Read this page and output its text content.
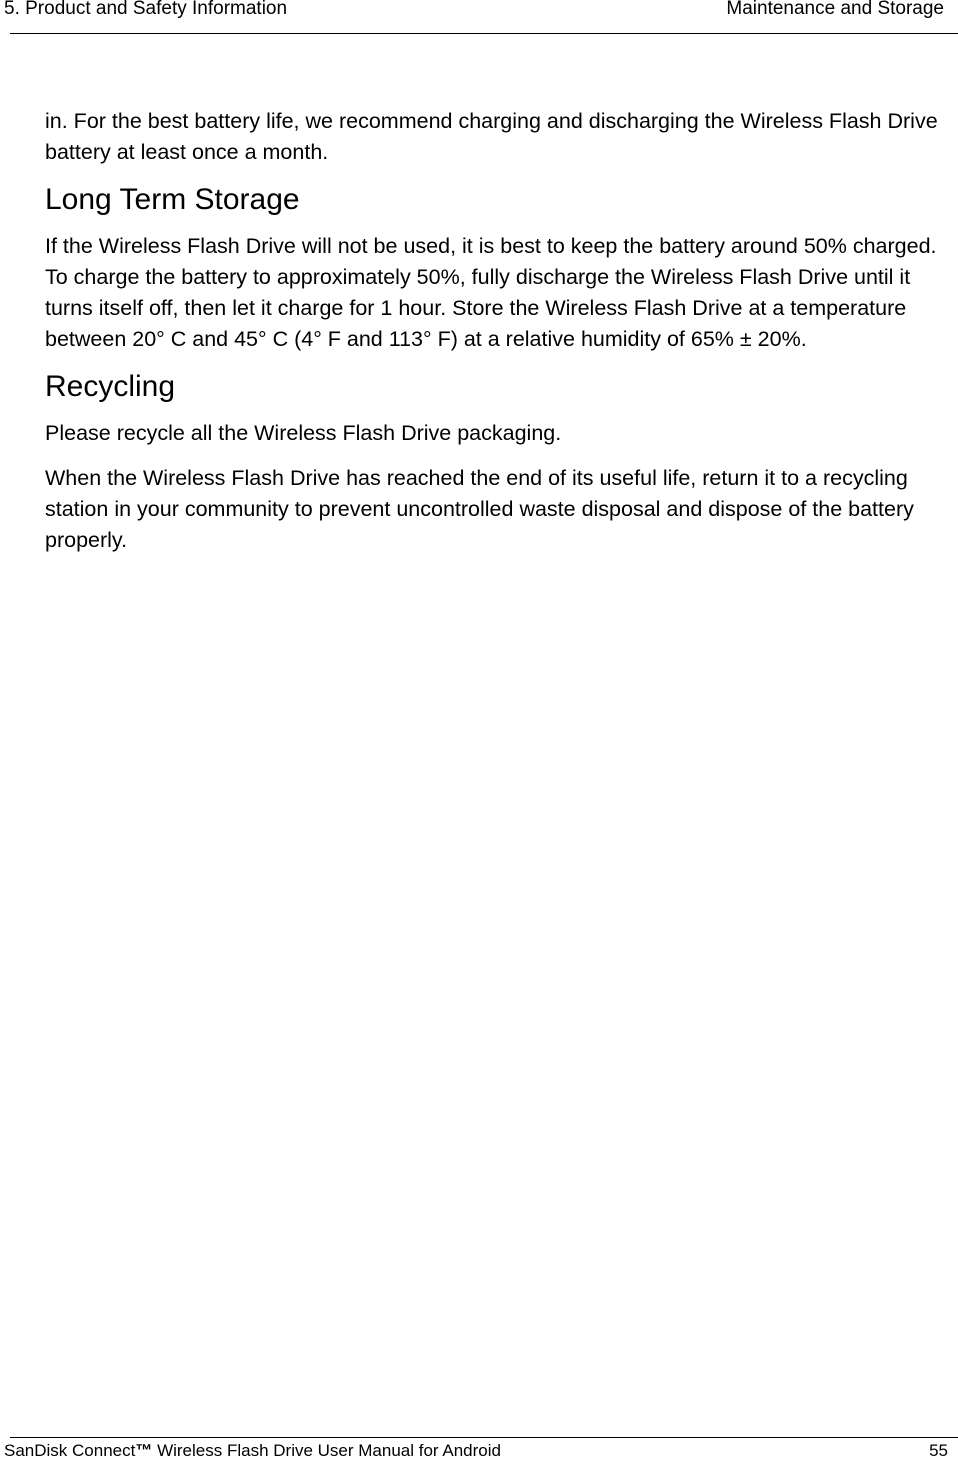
5. Product and Safety Information	Maintenance and Storage

in. For the best battery life, we recommend charging and discharging the Wireless Flash Drive battery at least once a month.

Long Term Storage

If the Wireless Flash Drive will not be used, it is best to keep the battery around 50% charged. To charge the battery to approximately 50%, fully discharge the Wireless Flash Drive until it turns itself off, then let it charge for 1 hour. Store the Wireless Flash Drive at a temperature between 20° C and 45° C (4° F and 113° F) at a relative humidity of 65% ± 20%.

Recycling

Please recycle all the Wireless Flash Drive packaging.

When the Wireless Flash Drive has reached the end of its useful life, return it to a recycling station in your community to prevent uncontrolled waste disposal and dispose of the battery properly.

SanDisk Connect™ Wireless Flash Drive User Manual for Android	55
